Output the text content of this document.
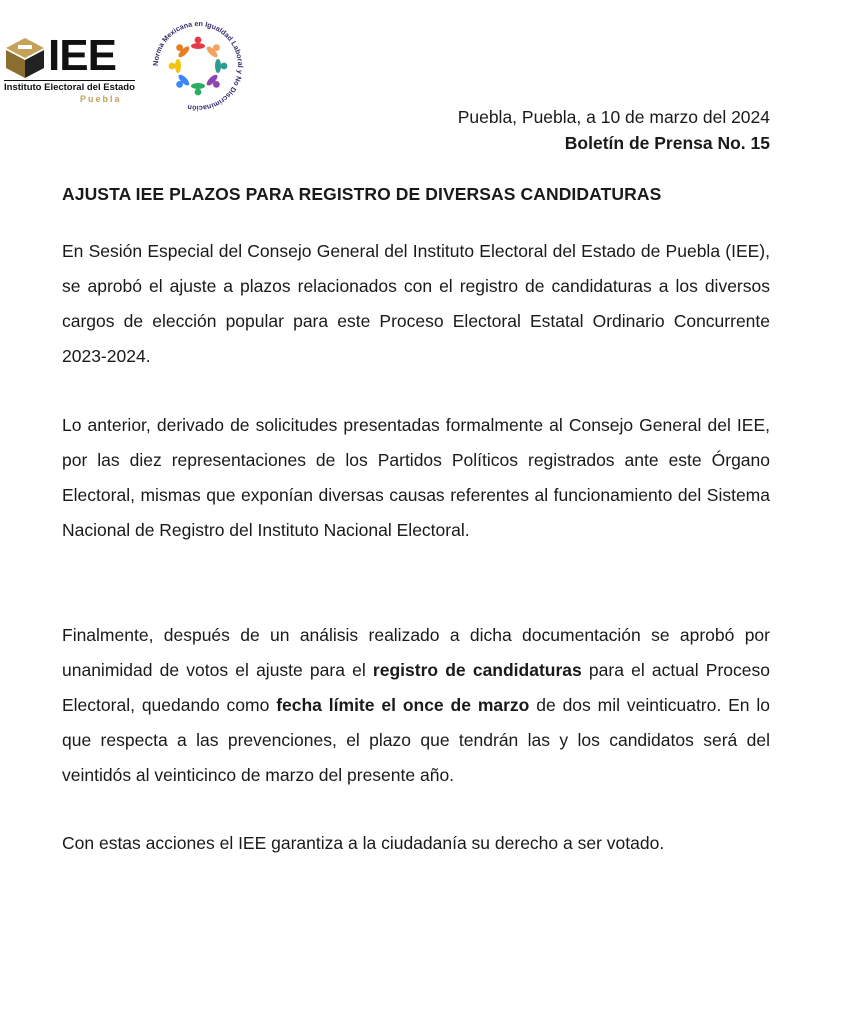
IEE
Instituto Electoral del Estado
Puebla
Norma Mexicana en Igualdad Laboral y No Discriminación	Puebla, Puebla, a 10 de marzo del 2024
Boletín de Prensa No. 15
AJUSTA IEE PLAZOS PARA REGISTRO DE DIVERSAS CANDIDATURAS
En Sesión Especial del Consejo General del Instituto Electoral del Estado de Puebla (IEE), se aprobó el ajuste a plazos relacionados con el registro de candidaturas a los diversos cargos de elección popular para este Proceso Electoral Estatal Ordinario Concurrente 2023-2024.
Lo anterior, derivado de solicitudes presentadas formalmente al Consejo General del IEE, por las diez representaciones de los Partidos Políticos registrados ante este Órgano Electoral, mismas que exponían diversas causas referentes al funcionamiento del Sistema Nacional de Registro del Instituto Nacional Electoral.
Finalmente, después de un análisis realizado a dicha documentación se aprobó por unanimidad de votos el ajuste para el registro de candidaturas para el actual Proceso Electoral, quedando como fecha límite el once de marzo de dos mil veinticuatro. En lo que respecta a las prevenciones, el plazo que tendrán las y los candidatos será del veintidós al veinticinco de marzo del presente año.
Con estas acciones el IEE garantiza a la ciudadanía su derecho a ser votado.
